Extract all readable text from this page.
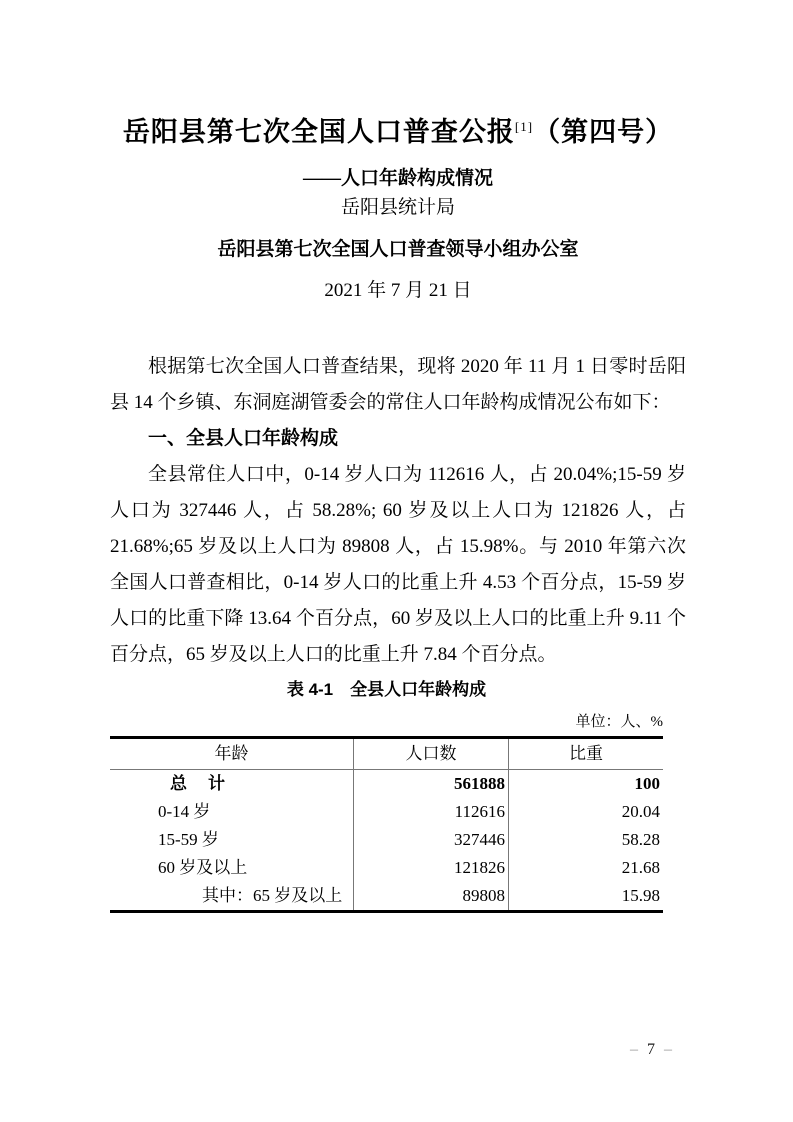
岳阳县第七次全国人口普查公报[1]（第四号）
——人口年龄构成情况
岳阳县统计局
岳阳县第七次全国人口普查领导小组办公室
2021 年 7 月 21 日

根据第七次全国人口普查结果，现将 2020 年 11 月 1 日零时岳阳县 14 个乡镇、东洞庭湖管委会的常住人口年龄构成情况公布如下：

一、全县人口年龄构成

全县常住人口中，0-14 岁人口为 112616 人，占 20.04%;15-59 岁人口为 327446 人，占 58.28%; 60 岁及以上人口为 121826 人，占 21.68%;65 岁及以上人口为 89808 人，占 15.98%。与 2010 年第六次全国人口普查相比，0-14 岁人口的比重上升 4.53 个百分点，15-59 岁人口的比重下降 13.64 个百分点，60 岁及以上人口的比重上升 9.11 个百分点，65 岁及以上人口的比重上升 7.84 个百分点。

表 4-1　全县人口年龄构成
单位：人、%
年龄	人口数	比重
总　计	561888	100
0-14 岁	112616	20.04
15-59 岁	327446	58.28
60 岁及以上	121826	21.68
其中：65 岁及以上	89808	15.98
– 7 –
